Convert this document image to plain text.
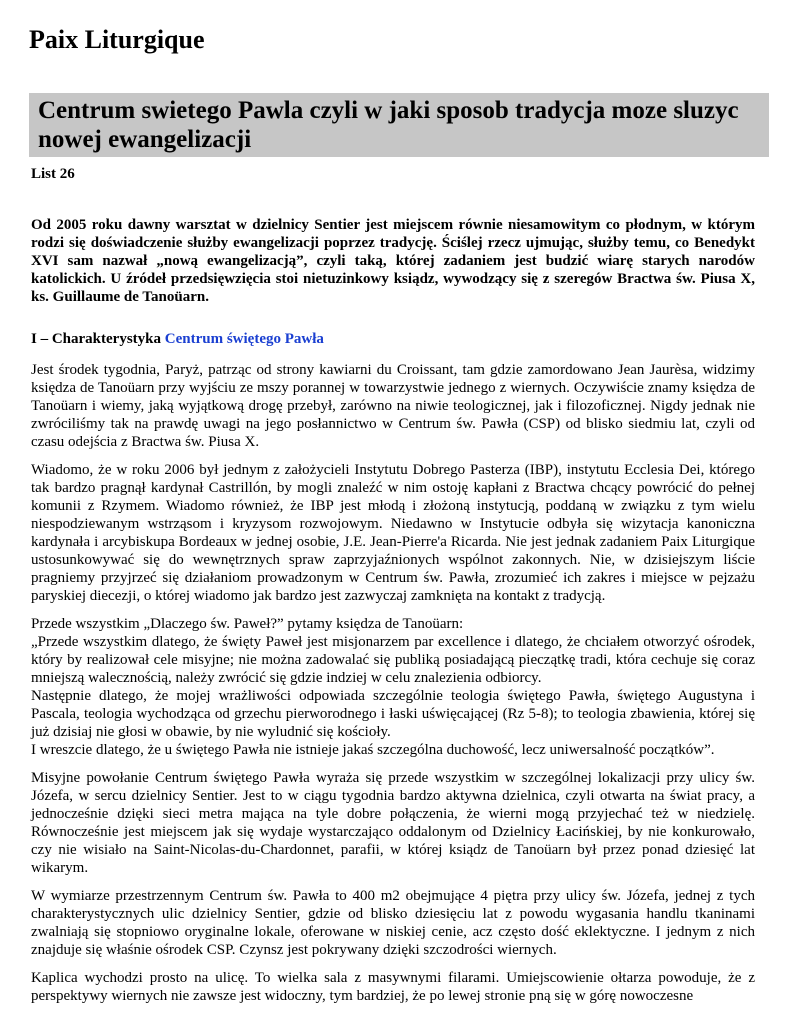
Paix Liturgique
Centrum swietego Pawla czyli w jaki sposob tradycja moze sluzyc nowej ewangelizacji
List 26

Od 2005 roku dawny warsztat w dzielnicy Sentier jest miejscem równie niesamowitym co płodnym, w którym rodzi się doświadczenie służby ewangelizacji poprzez tradycję. Ściślej rzecz ujmując, służby temu, co Benedykt XVI sam nazwał „nową ewangelizacją”, czyli taką, której zadaniem jest budzić wiarę starych narodów katolickich. U źródeł przedsięwzięcia stoi nietuzinkowy ksiądz, wywodzący się z szeregów Bractwa św. Piusa X, ks. Guillaume de Tanoüarn.

I – Charakterystyka Centrum świętego Pawła

Jest środek tygodnia, Paryż, patrząc od strony kawiarni du Croissant, tam gdzie zamordowano Jean Jaurèsa, widzimy księdza de Tanoüarn przy wyjściu ze mszy porannej w towarzystwie jednego z wiernych. Oczywiście znamy księdza de Tanoüarn i wiemy, jaką wyjątkową drogę przebył, zarówno na niwie teologicznej, jak i filozoficznej. Nigdy jednak nie zwróciliśmy tak na prawdę uwagi na jego posłannictwo w Centrum św. Pawła (CSP) od blisko siedmiu lat, czyli od czasu odejścia z Bractwa św. Piusa X.

Wiadomo, że w roku 2006 był jednym z założycieli Instytutu Dobrego Pasterza (IBP), instytutu Ecclesia Dei, którego tak bardzo pragnął kardynał Castrillón, by mogli znaleźć w nim ostoję kapłani z Bractwa chcący powrócić do pełnej komunii z Rzymem. Wiadomo również, że IBP jest młodą i złożoną instytucją, poddaną w związku z tym wielu niespodziewanym wstrząsom i kryzysom rozwojowym. Niedawno w Instytucie odbyła się wizytacja kanoniczna kardynała i arcybiskupa Bordeaux w jednej osobie, J.E. Jean-Pierre'a Ricarda. Nie jest jednak zadaniem Paix Liturgique ustosunkowywać się do wewnętrznych spraw zaprzyjaźnionych wspólnot zakonnych. Nie, w dzisiejszym liście pragniemy przyjrzeć się działaniom prowadzonym w Centrum św. Pawła, zrozumieć ich zakres i miejsce w pejzażu paryskiej diecezji, o której wiadomo jak bardzo jest zazwyczaj zamknięta na kontakt z tradycją.

Przede wszystkim „Dlaczego św. Paweł?” pytamy księdza de Tanoüarn:
„Przede wszystkim dlatego, że święty Paweł jest misjonarzem par excellence i dlatego, że chciałem otworzyć ośrodek, który by realizował cele misyjne; nie można zadowalać się publiką posiadającą pieczątkę tradi, która cechuje się coraz mniejszą walecznością, należy zwrócić się gdzie indziej w celu znalezienia odbiorcy.
Następnie dlatego, że mojej wrażliwości odpowiada szczególnie teologia świętego Pawła, świętego Augustyna i Pascala, teologia wychodząca od grzechu pierworodnego i łaski uświęcającej (Rz 5-8); to teologia zbawienia, której się już dzisiaj nie głosi w obawie, by nie wyludnić się kościoły.
I wreszcie dlatego, że u świętego Pawła nie istnieje jakaś szczególna duchowość, lecz uniwersalność początków”.

Misyjne powołanie Centrum świętego Pawła wyraża się przede wszystkim w szczególnej lokalizacji przy ulicy św. Józefa, w sercu dzielnicy Sentier. Jest to w ciągu tygodnia bardzo aktywna dzielnica, czyli otwarta na świat pracy, a jednocześnie dzięki sieci metra mająca na tyle dobre połączenia, że wierni mogą przyjechać też w niedzielę. Równocześnie jest miejscem jak się wydaje wystarczająco oddalonym od Dzielnicy Łacińskiej, by nie konkurowało, czy nie wisiało na Saint-Nicolas-du-Chardonnet, parafii, w której ksiądz de Tanoüarn był przez ponad dziesięć lat wikarym.

W wymiarze przestrzennym Centrum św. Pawła to 400 m2 obejmujące 4 piętra przy ulicy św. Józefa, jednej z tych charakterystycznych ulic dzielnicy Sentier, gdzie od blisko dziesięciu lat z powodu wygasania handlu tkaninami zwalniają się stopniowo oryginalne lokale, oferowane w niskiej cenie, acz często dość eklektyczne. I jednym z nich znajduje się właśnie ośrodek CSP. Czynsz jest pokrywany dzięki szczodrości wiernych.

Kaplica wychodzi prosto na ulicę. To wielka sala z masywnymi filarami. Umiejscowienie ołtarza powoduje, że z perspektywy wiernych nie zawsze jest widoczny, tym bardziej, że po lewej stronie pną się w górę nowoczesne
